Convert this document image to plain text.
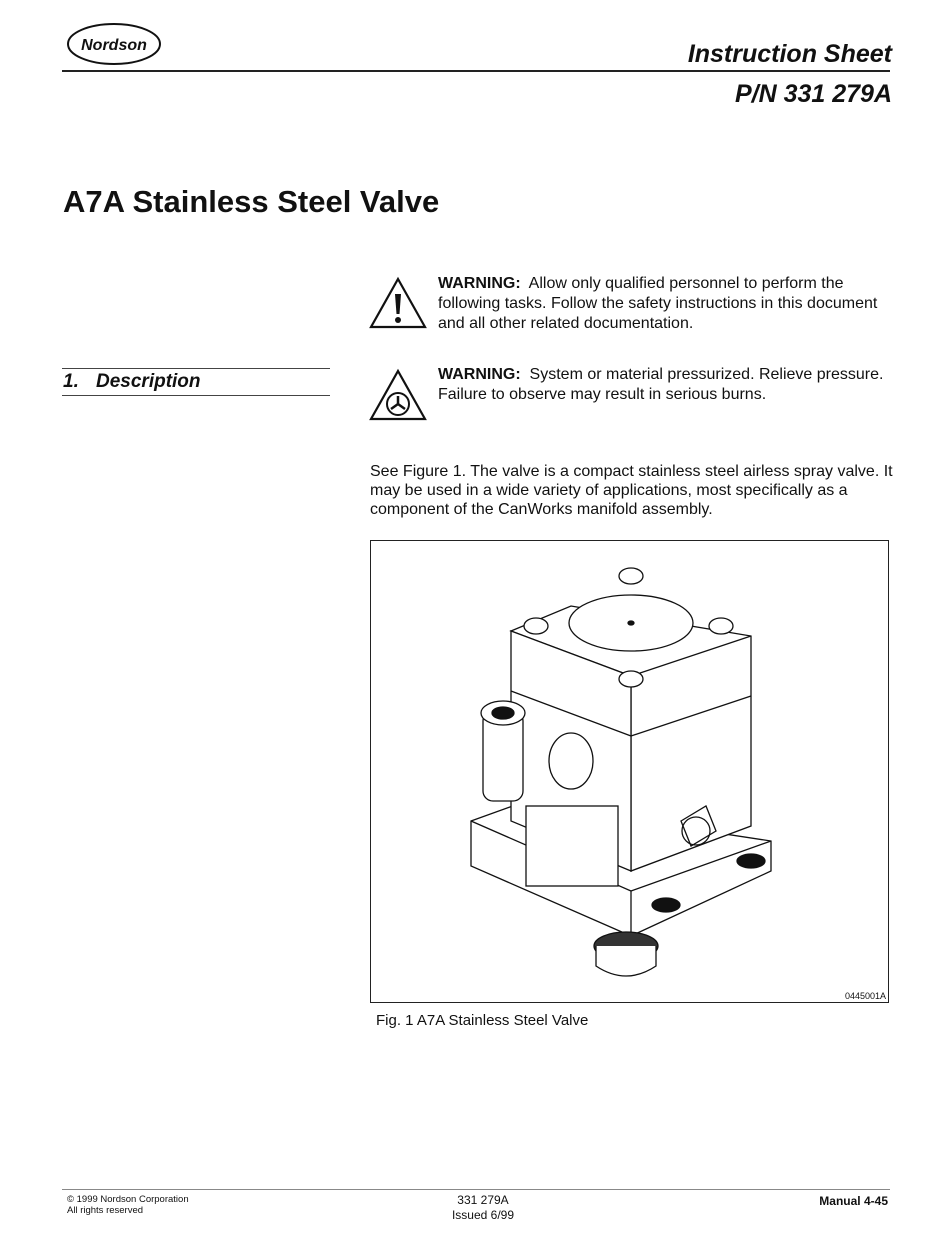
Nordson	Instruction Sheet
P/N 331 279A
A7A Stainless Steel Valve
1. Description
WARNING: Allow only qualified personnel to perform the following tasks. Follow the safety instructions in this document and all other related documentation.
WARNING: System or material pressurized. Relieve pressure. Failure to observe may result in serious burns.
See Figure 1. The valve is a compact stainless steel airless spray valve. It may be used in a wide variety of applications, most specifically as a component of the CanWorks manifold assembly.
0445001A
Fig. 1 A7A Stainless Steel Valve
© 1999 Nordson Corporation
All rights reserved
331 279A
Issued 6/99
Manual 4-45
